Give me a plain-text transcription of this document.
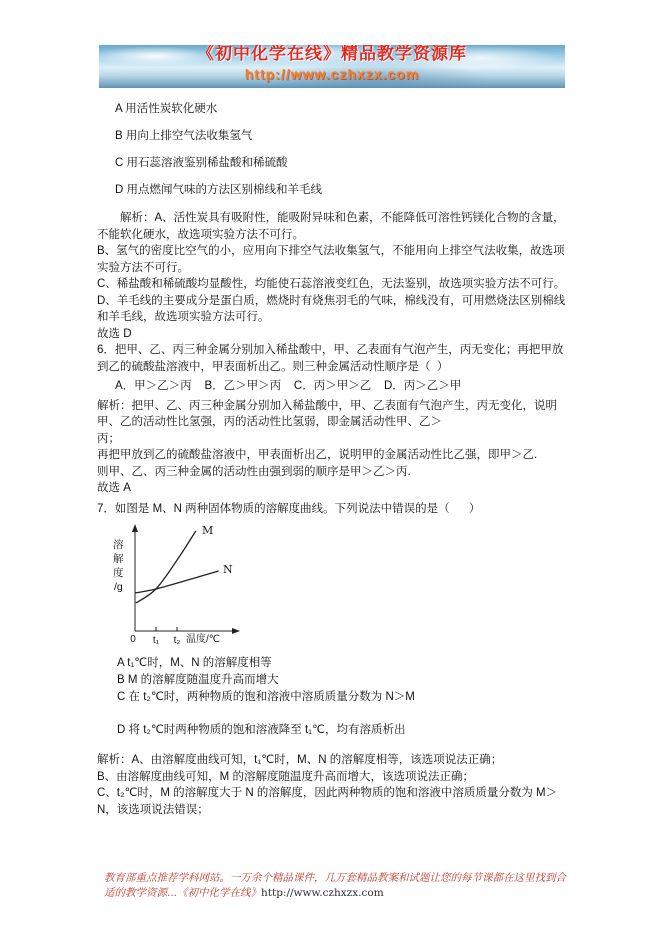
《初中化学在线》精品教学资源库
http://www.czhxzx.com
A 用活性炭软化硬水
B 用向上排空气法收集氢气
C 用石蕊溶液鉴别稀盐酸和稀硫酸
D 用点燃闻气味的方法区别棉线和羊毛线
解析：A、活性炭具有吸附性，能吸附异味和色素，不能降低可溶性钙镁化合物的含量，不能软化硬水，故选项实验方法不可行。
B、氢气的密度比空气的小，应用向下排空气法收集氢气，不能用向上排空气法收集，故选项实验方法不可行。
C、稀盐酸和稀硫酸均显酸性，均能使石蕊溶液变红色，无法鉴别，故选项实验方法不可行。
D、羊毛线的主要成分是蛋白质，燃烧时有烧焦羽毛的气味，棉线没有，可用燃烧法区别棉线和羊毛线，故选项实验方法可行。
故选 D
6．把甲、乙、丙三种金属分别加入稀盐酸中，甲、乙表面有气泡产生，丙无变化；再把甲放到乙的硫酸盐溶液中，甲表面析出乙。则三种金属活动性顺序是（  ）
A．甲＞乙＞丙    B．乙＞甲＞丙    C．丙＞甲＞乙    D．丙＞乙＞甲
解析：把甲、乙、丙三种金属分别加入稀盐酸中，甲、乙表面有气泡产生，丙无变化，说明甲、乙的活动性比氢强，丙的活动性比氢弱，即金属活动性甲、乙＞
丙；
再把甲放到乙的硫酸盐溶液中，甲表面析出乙，说明甲的金属活动性比乙强，即甲＞乙.
则甲、乙、丙三种金属的活动性由强到弱的顺序是甲＞乙＞丙.
故选 A
7．如图是 M、N 两种固体物质的溶解度曲线。下列说法中错误的是（      ）
M
N
0 t₁ t₂ 温度/℃
溶
解
度
/g
A t₁℃时，M、N 的溶解度相等
B M 的溶解度随温度升高而增大
C 在 t₂℃时，两种物质的饱和溶液中溶质质量分数为 N＞M
D 将 t₂℃时两种物质的饱和溶液降至 t₁℃，均有溶质析出
解析：A、由溶解度曲线可知，t₁℃时，M、N 的溶解度相等，该选项说法正确；
B、由溶解度曲线可知，M 的溶解度随温度升高而增大，该选项说法正确；
C、t₂℃时，M 的溶解度大于 N 的溶解度，因此两种物质的饱和溶液中溶质质量分数为 M＞N，该选项说法错误；
教育部重点推荐学科网站。一万余个精品课件，几万套精品教案和试题让您的每节课都在这里找到合适的教学资源...《初中化学在线》http://www.czhxzx.com
